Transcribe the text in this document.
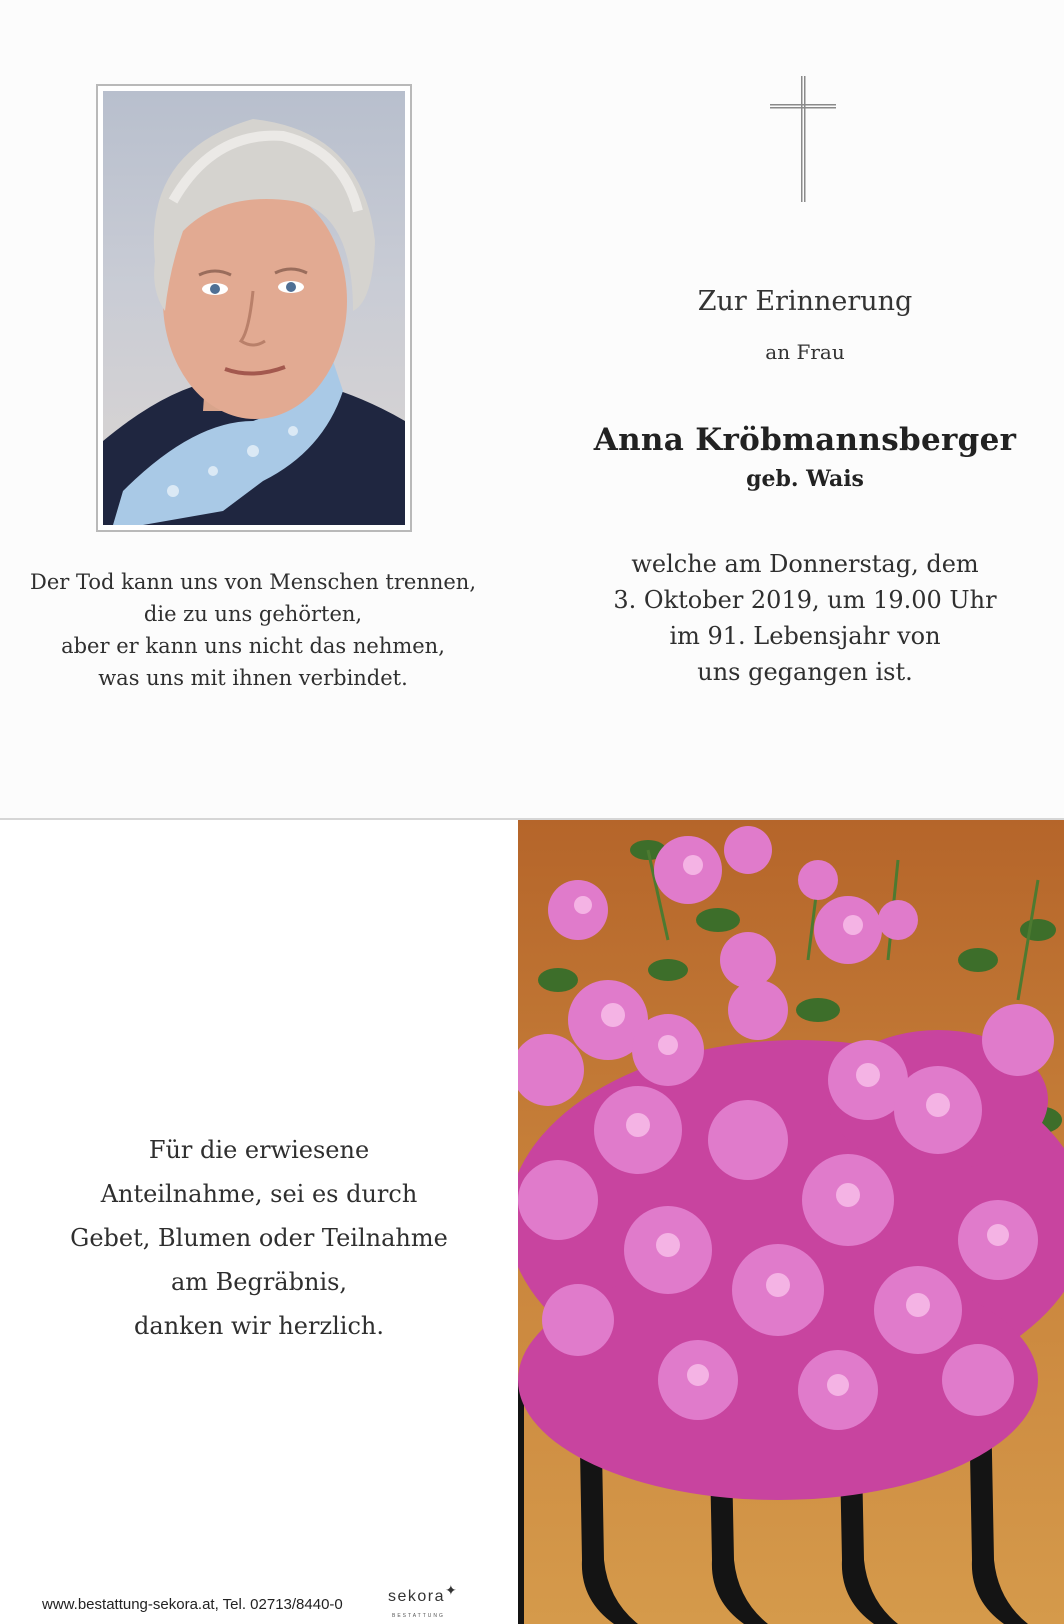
Der Tod kann uns von Menschen trennen,
die zu uns gehörten,
aber er kann uns nicht das nehmen,
was uns mit ihnen verbindet.
Zur Erinnerung
an Frau
Anna Kröbmannsberger
geb. Wais
welche am Donnerstag, dem
3. Oktober 2019, um 19.00 Uhr
im 91. Lebensjahr von
uns gegangen ist.
Für die erwiesene
Anteilnahme, sei es durch
Gebet, Blumen oder Teilnahme
am Begräbnis,
danken wir herzlich.
www.bestattung-sekora.at, Tel. 02713/8440-0	sekora✦
BESTATTUNG
